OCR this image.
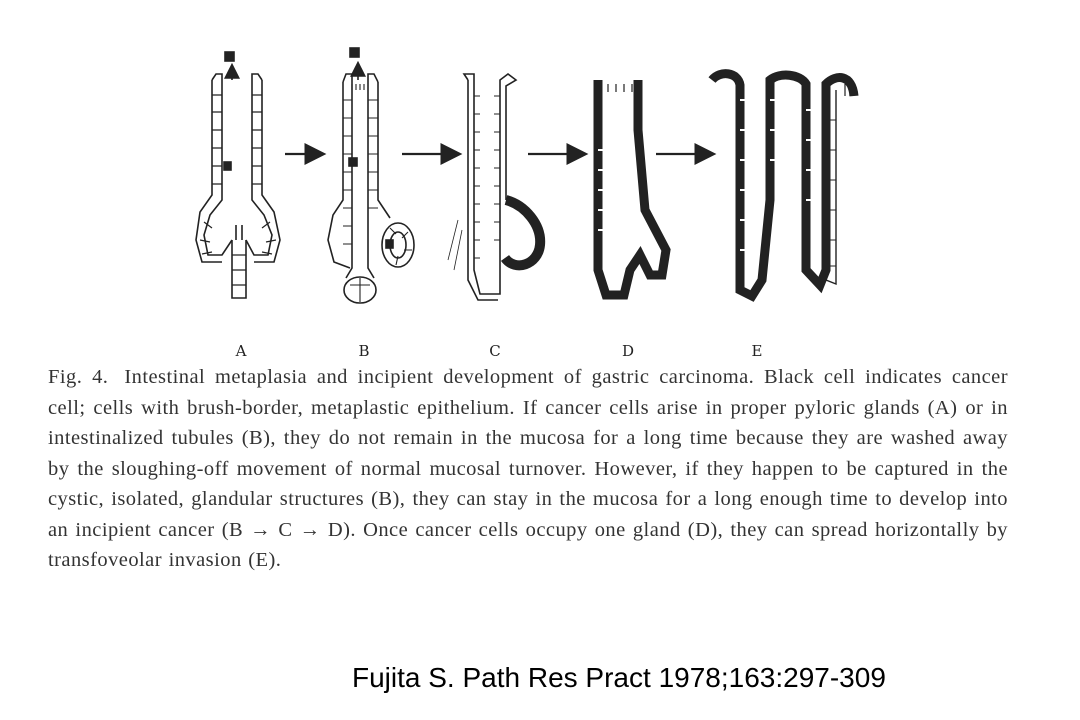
A	B	C	D	E
Fig. 4. Intestinal metaplasia and incipient development of gastric carcinoma. Black cell indicates cancer cell; cells with brush-border, metaplastic epithelium. If cancer cells arise in proper pyloric glands (A) or in intestinalized tubules (B), they do not remain in the mucosa for a long time because they are washed away by the sloughing-off movement of normal mucosal turnover. However, if they happen to be captured in the cystic, isolated, glandular structures (B), they can stay in the mucosa for a long enough time to develop into an incipient cancer (B → C → D). Once cancer cells occupy one gland (D), they can spread horizontally by transfoveolar invasion (E).
Fujita S. Path Res Pract 1978;163:297-309
